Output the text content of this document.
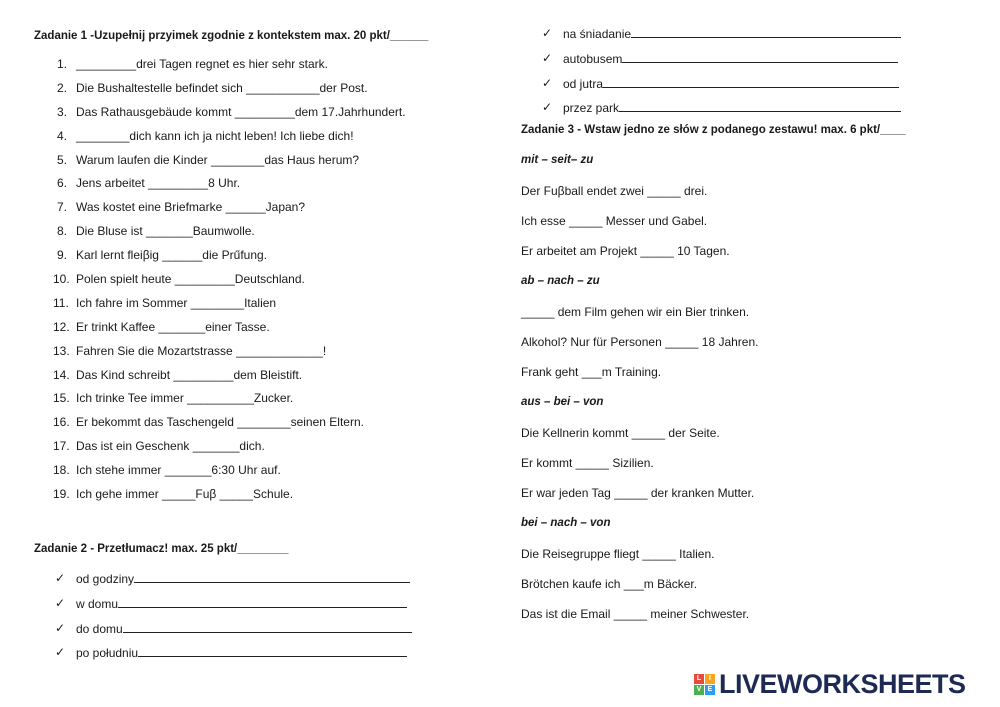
Zadanie 1 -Uzupełnij przyimek zgodnie z kontekstem max. 20 pkt/______
1. _________drei Tagen regnet es hier sehr stark.
2. Die Bushaltestelle befindet sich ___________der Post.
3. Das Rathausgebäude kommt _________dem 17.Jahrhundert.
4. ________dich kann ich ja nicht leben! Ich liebe dich!
5. Warum laufen die Kinder ________das Haus herum?
6. Jens arbeitet _________8 Uhr.
7. Was kostet eine Briefmarke ______Japan?
8. Die Bluse ist _______Baumwolle.
9. Karl lernt fleiβig ______die Prűfung.
10. Polen spielt heute _________Deutschland.
11. Ich fahre im Sommer ________Italien
12. Er trinkt Kaffee _______einer Tasse.
13. Fahren Sie die Mozartstrasse _____________!
14. Das Kind schreibt _________dem Bleistift.
15. Ich trinke Tee immer __________Zucker.
16. Er bekommt das Taschengeld ________seinen Eltern.
17. Das ist ein Geschenk _______dich.
18. Ich stehe immer _______6:30 Uhr auf.
19. Ich gehe immer _____Fuβ _____Schule.
Zadanie 2 - Przetłumacz! max. 25 pkt/________
✓ od godziny
✓ w domu
✓ do domu
✓ po południu
✓ na śniadanie
✓ autobusem
✓ od jutra
✓ przez park
Zadanie 3 - Wstaw jedno ze słów z podanego zestawu! max. 6 pkt/____
mit – seit– zu
Der Fuβball endet zwei _____ drei.
Ich esse _____ Messer und Gabel.
Er arbeitet am Projekt _____ 10 Tagen.
ab – nach – zu
_____ dem Film gehen wir ein Bier trinken.
Alkohol? Nur für Personen _____ 18 Jahren.
Frank geht ___m Training.
aus – bei – von
Die Kellnerin kommt _____ der Seite.
Er kommt _____ Sizilien.
Er war jeden Tag _____ der kranken Mutter.
bei – nach – von
Die Reisegruppe fliegt _____ Italien.
Brötchen kaufe ich ___m Bäcker.
Das ist die Email _____ meiner Schwester.
L	I
V E LIVEWORKSHEETS
